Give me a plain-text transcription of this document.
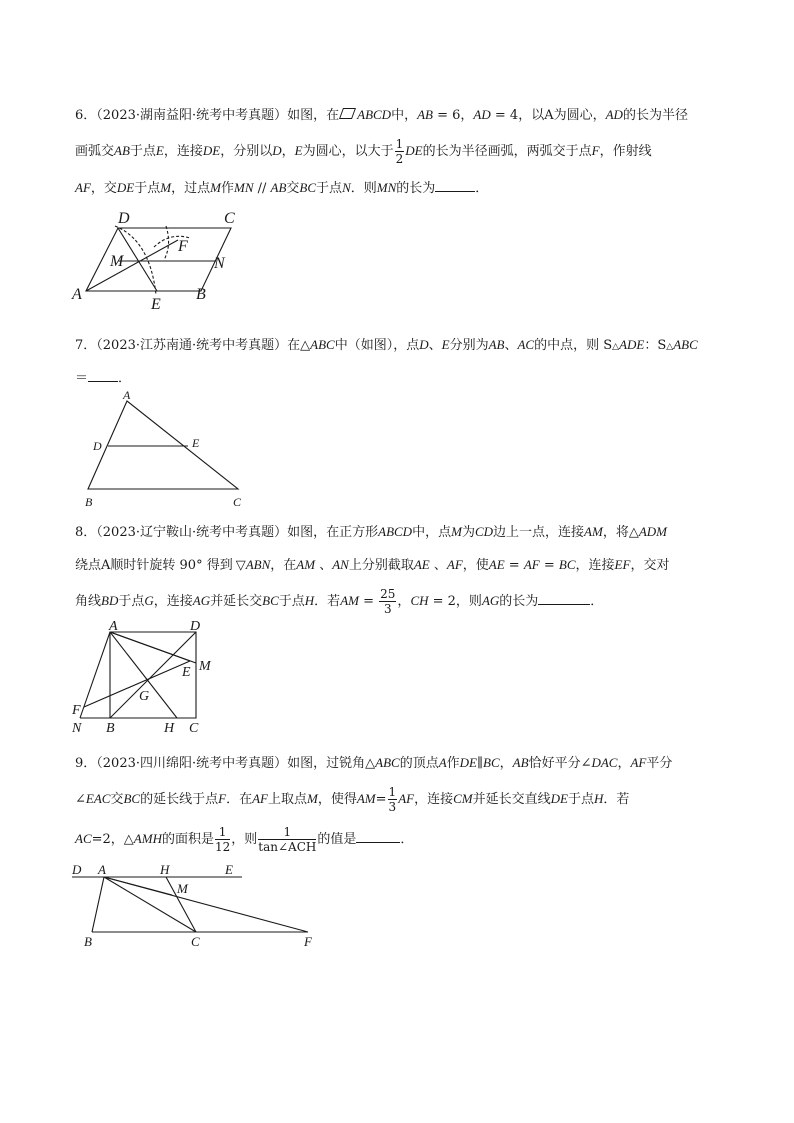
6．（2023·湖南益阳·统考中考真题）如图，在 ABCD中，AB = 6，AD = 4，以A为圆心，AD的长为半径
画弧交AB于点E，连接DE，分别以D，E为圆心，以大于 $\frac{1}{2}$ DE的长为半径画弧，两弧交于点F，作射线
AF，交DE于点M，过点M作MN // AB交BC于点N．则MN的长为	．
D	C
F
M	N
A
E
B
7．（2023·江苏南通·统考中考真题）在△ABC中（如图），点D、E分别为AB、AC的中点，则 S△ADE：S△ABC
＝ ．
A
D	E
B	C
8．（2023·辽宁鞍山·统考中考真题）如图，在正方形ABCD中，点M为CD边上一点，连接AM，将△ADM
绕点A顺时针旋转 90° 得到 ▽ABN，在AM 、AN上分别截取AE 、AF，使AE = AF = BC，连接EF，交对
角线BD于点G，连接AG并延长交BC于点H．若AM = $\frac{25}{3}$ ，CH = 2，则AG的长为	．
A	D
M
E
G
F
N B	H C
9．（2023·四川绵阳·统考中考真题）如图，过锐角△ABC的顶点A作DE∥BC，AB恰好平分∠DAC，AF平分
∠EAC交BC的延长线于点F．在AF上取点M，使得$AM= \frac{1}{3}$ AF，连接CM并延长交直线DE于点H．若
AC=2，△AMH的面积是 $\frac{1}{12}$ ，则 $\frac{1}{\text{tan∠ACH}}$ 的值是	．
D A	H	E
M
B	C	F
